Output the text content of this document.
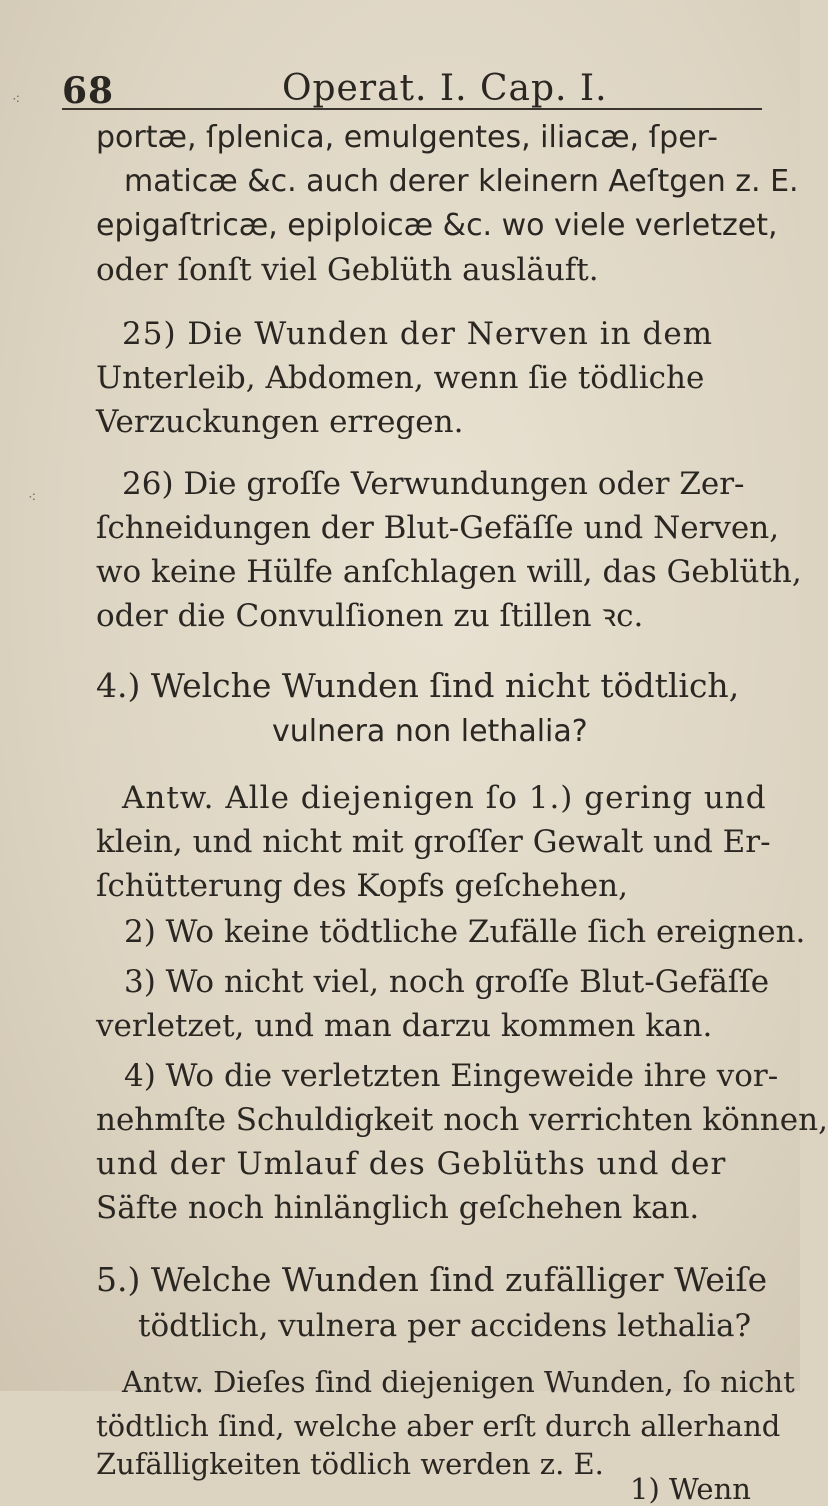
⁖
⁖
68	Operat. I. Cap. I.
portæ, ſplenica, emulgentes, iliacæ, ſper-
maticæ &c. auch derer kleinern Aeſtgen z. E.
epigaſtricæ, epiploicæ &c. wo viele verletzet,
oder ſonſt viel Geblüth ausläuft.
25) Die Wunden der Nerven in dem
Unterleib, Abdomen, wenn ſie tödliche
Verzuckungen erregen.
26) Die groſſe Verwundungen oder Zer-
ſchneidungen der Blut-Gefäſſe und Nerven,
wo keine Hülfe anſchlagen will, das Geblüth,
oder die Convulſionen zu ſtillen ꝛc.
4.) Welche Wunden ſind nicht tödtlich,
vulnera non lethalia?
Antw. Alle diejenigen ſo 1.) gering und
klein, und nicht mit groſſer Gewalt und Er-
ſchütterung des Kopfs geſchehen,
2) Wo keine tödtliche Zufälle ſich ereignen.
3) Wo nicht viel, noch groſſe Blut-Gefäſſe
verletzet, und man darzu kommen kan.
4) Wo die verletzten Eingeweide ihre vor-
nehmſte Schuldigkeit noch verrichten können,
und der Umlauf des Geblüths und der
Säfte noch hinlänglich geſchehen kan.
5.) Welche Wunden ſind zufälliger Weiſe
tödtlich, vulnera per accidens lethalia?
Antw. Dieſes ſind diejenigen Wunden, ſo nicht
tödtlich ſind, welche aber erſt durch allerhand
Zufälligkeiten tödlich werden z. E.
1) Wenn
